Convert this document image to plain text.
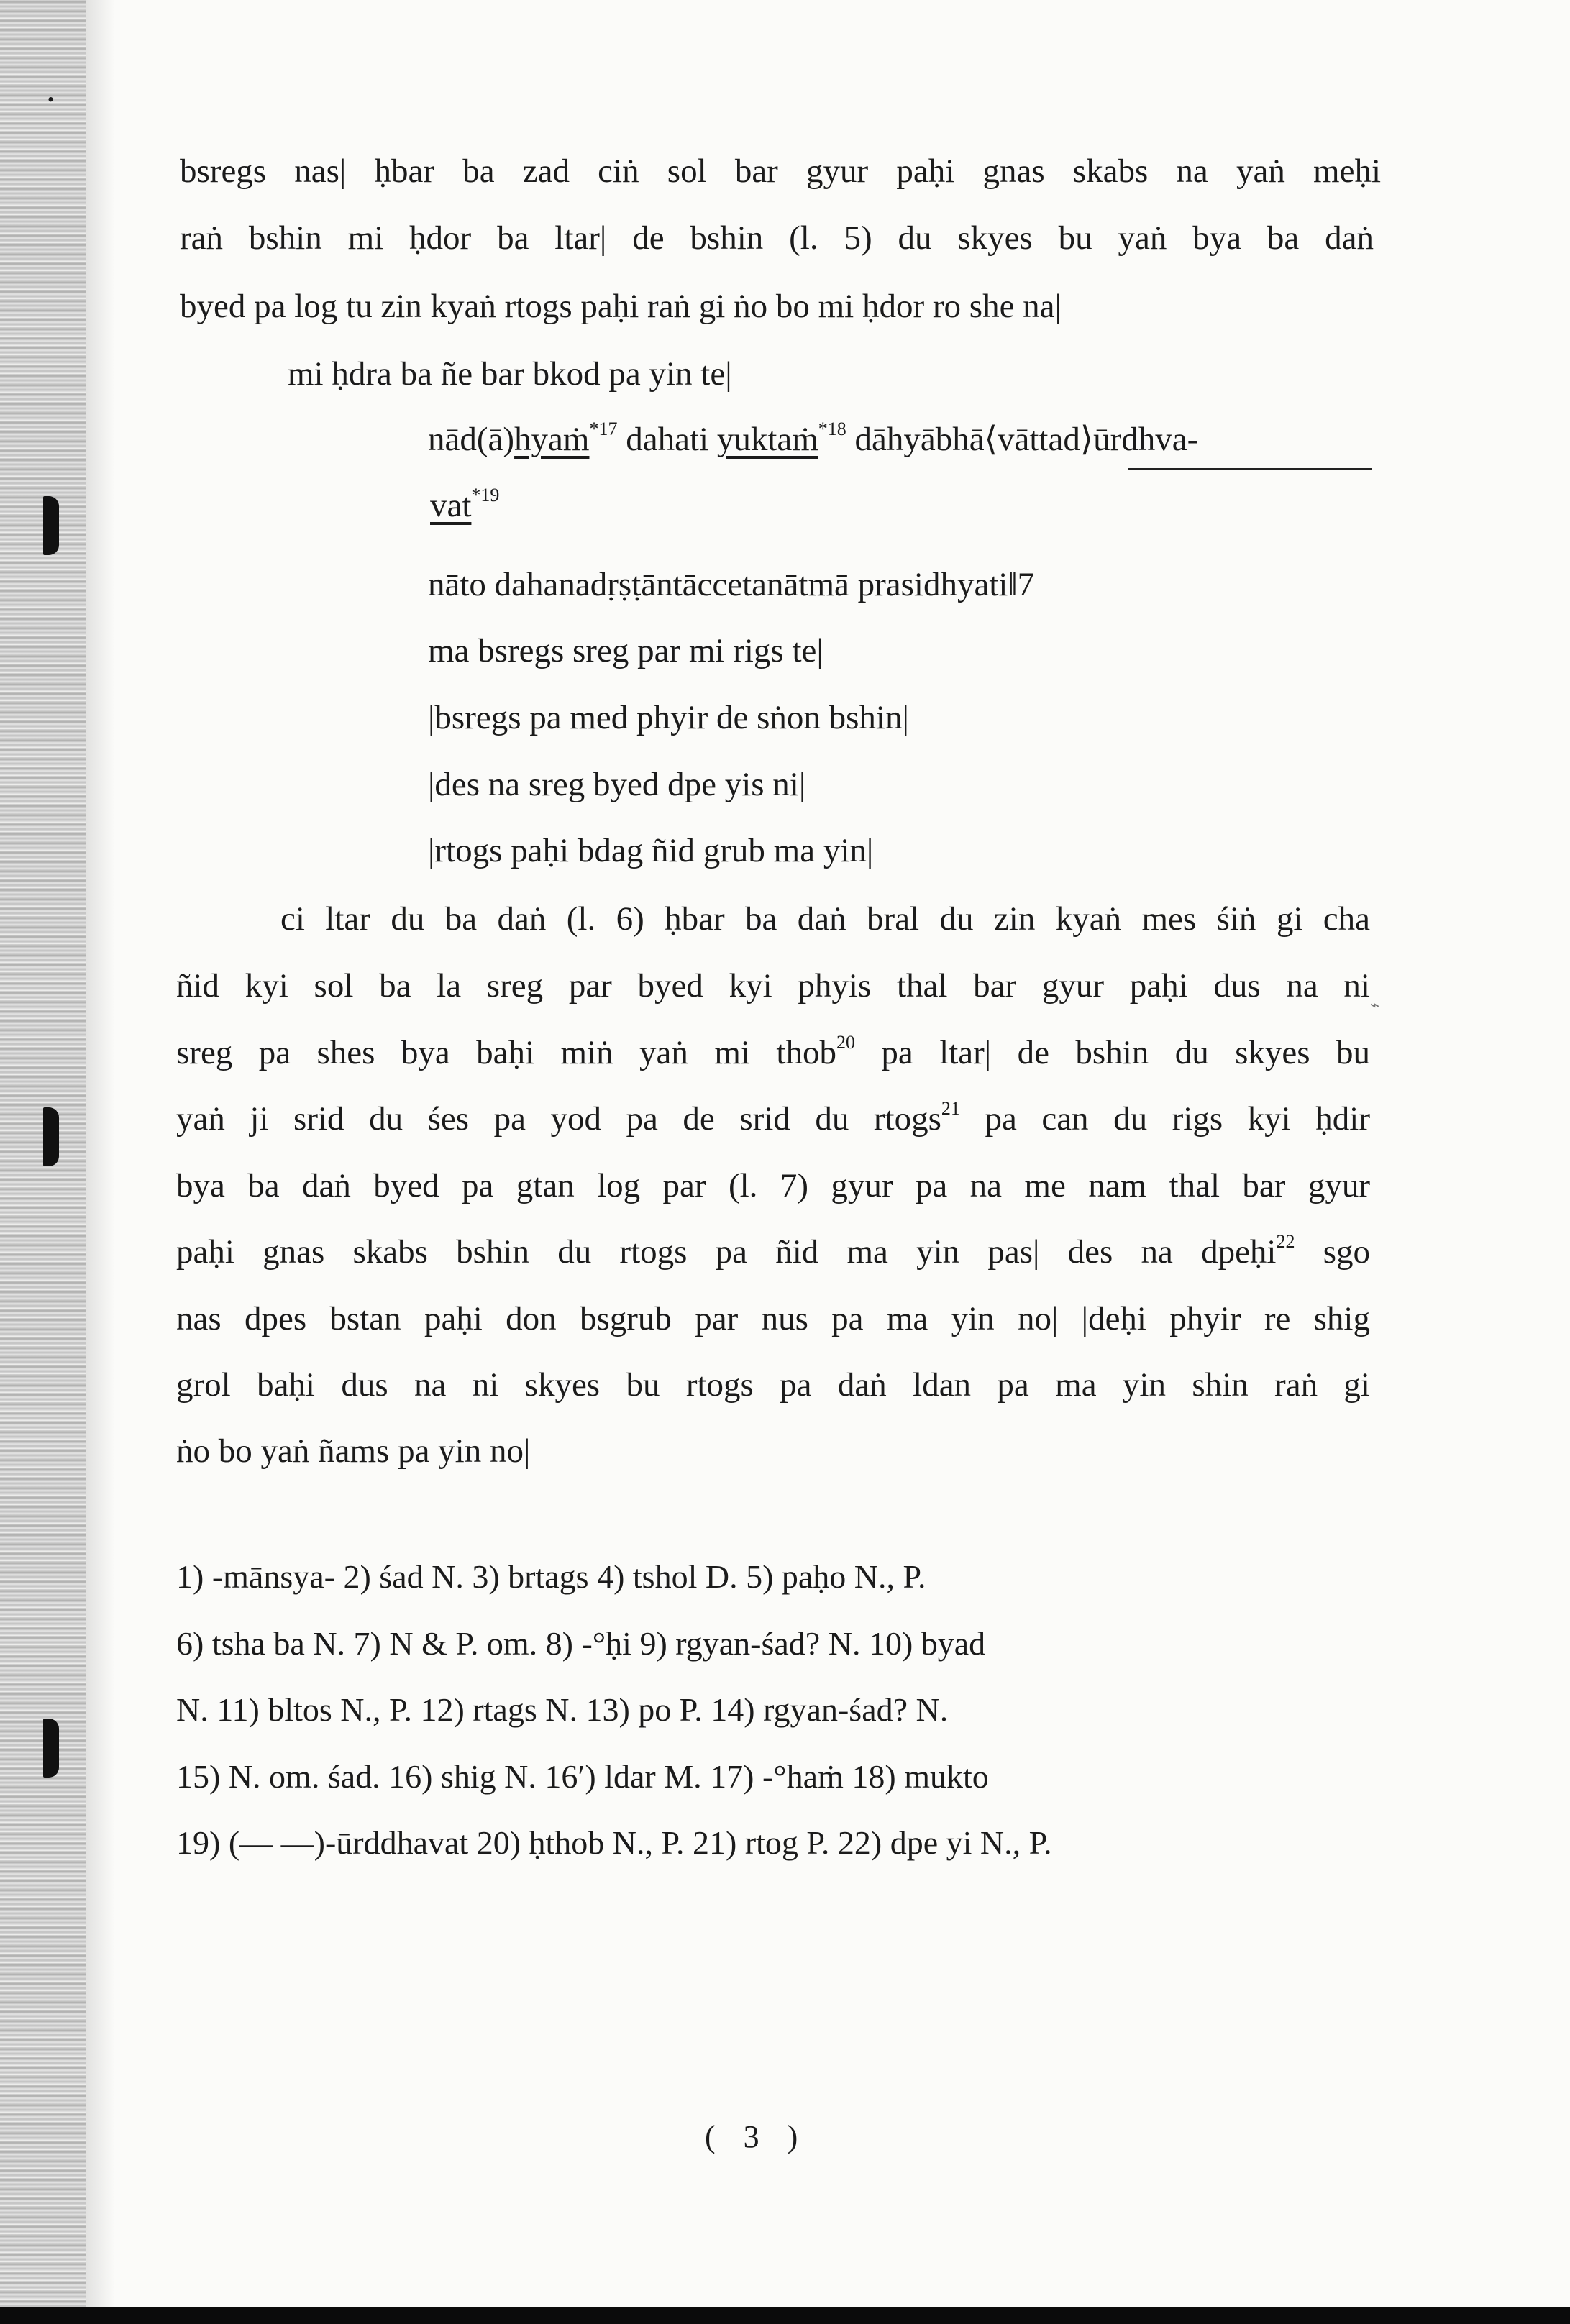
•
bsregs nas| ḥbar ba zad ciṅ sol bar gyur paḥi gnas skabs na yaṅ meḥi
raṅ bshin mi ḥdor ba ltar| de bshin (l. 5) du skyes bu yaṅ bya ba daṅ
byed pa log tu zin kyaṅ rtogs paḥi raṅ gi ṅo bo mi ḥdor ro she na|
mi ḥdra ba ñe bar bkod pa yin te|
nād(ā)hyaṁ$^{*17}$ dahati yuktaṁ$^{*18}$ dāhyābhā⟨vāttad⟩ūrdhva-
vat$^{*19}$
nāto dahanadṛṣṭāntāccetanātmā prasidhyati‖7
ma bsregs sreg par mi rigs te|
|bsregs pa med phyir de sṅon bshin|
|des na sreg byed dpe yis ni|
|rtogs paḥi bdag ñid grub ma yin|
ci ltar du ba daṅ (l. 6) ḥbar ba daṅ bral du zin kyaṅ mes śiṅ gi cha
ñid kyi sol ba la sreg par byed kyi phyis thal bar gyur paḥi dus na ni
⌁
sreg pa shes bya baḥi miṅ yaṅ mi thob$^{20}$ pa ltar| de bshin du skyes bu
yaṅ ji srid du śes pa yod pa de srid du rtogs$^{21}$ pa can du rigs kyi ḥdir
bya ba daṅ byed pa gtan log par (l. 7) gyur pa na me nam thal bar gyur
paḥi gnas skabs bshin du rtogs pa ñid ma yin pas| des na dpeḥi$^{22}$ sgo
nas dpes bstan paḥi don bsgrub par nus pa ma yin no| |deḥi phyir re shig
grol baḥi dus na ni skyes bu rtogs pa daṅ ldan pa ma yin shin raṅ gi
ṅo bo yaṅ ñams pa yin no|
1) -mānsya- 2) śad N. 3) brtags 4) tshol D. 5) paḥo N., P.
6) tsha ba N. 7) N & P. om. 8) -°ḥi 9) rgyan-śad? N. 10) byad
N. 11) bltos N., P. 12) rtags N. 13) po P. 14) rgyan-śad? N.
15) N. om. śad. 16) shig N. 16′) ldar M. 17) -°haṁ 18) mukto
19) (— —)-ūrddhavat 20) ḥthob N., P. 21) rtog P. 22) dpe yi N., P.
( 3 )
